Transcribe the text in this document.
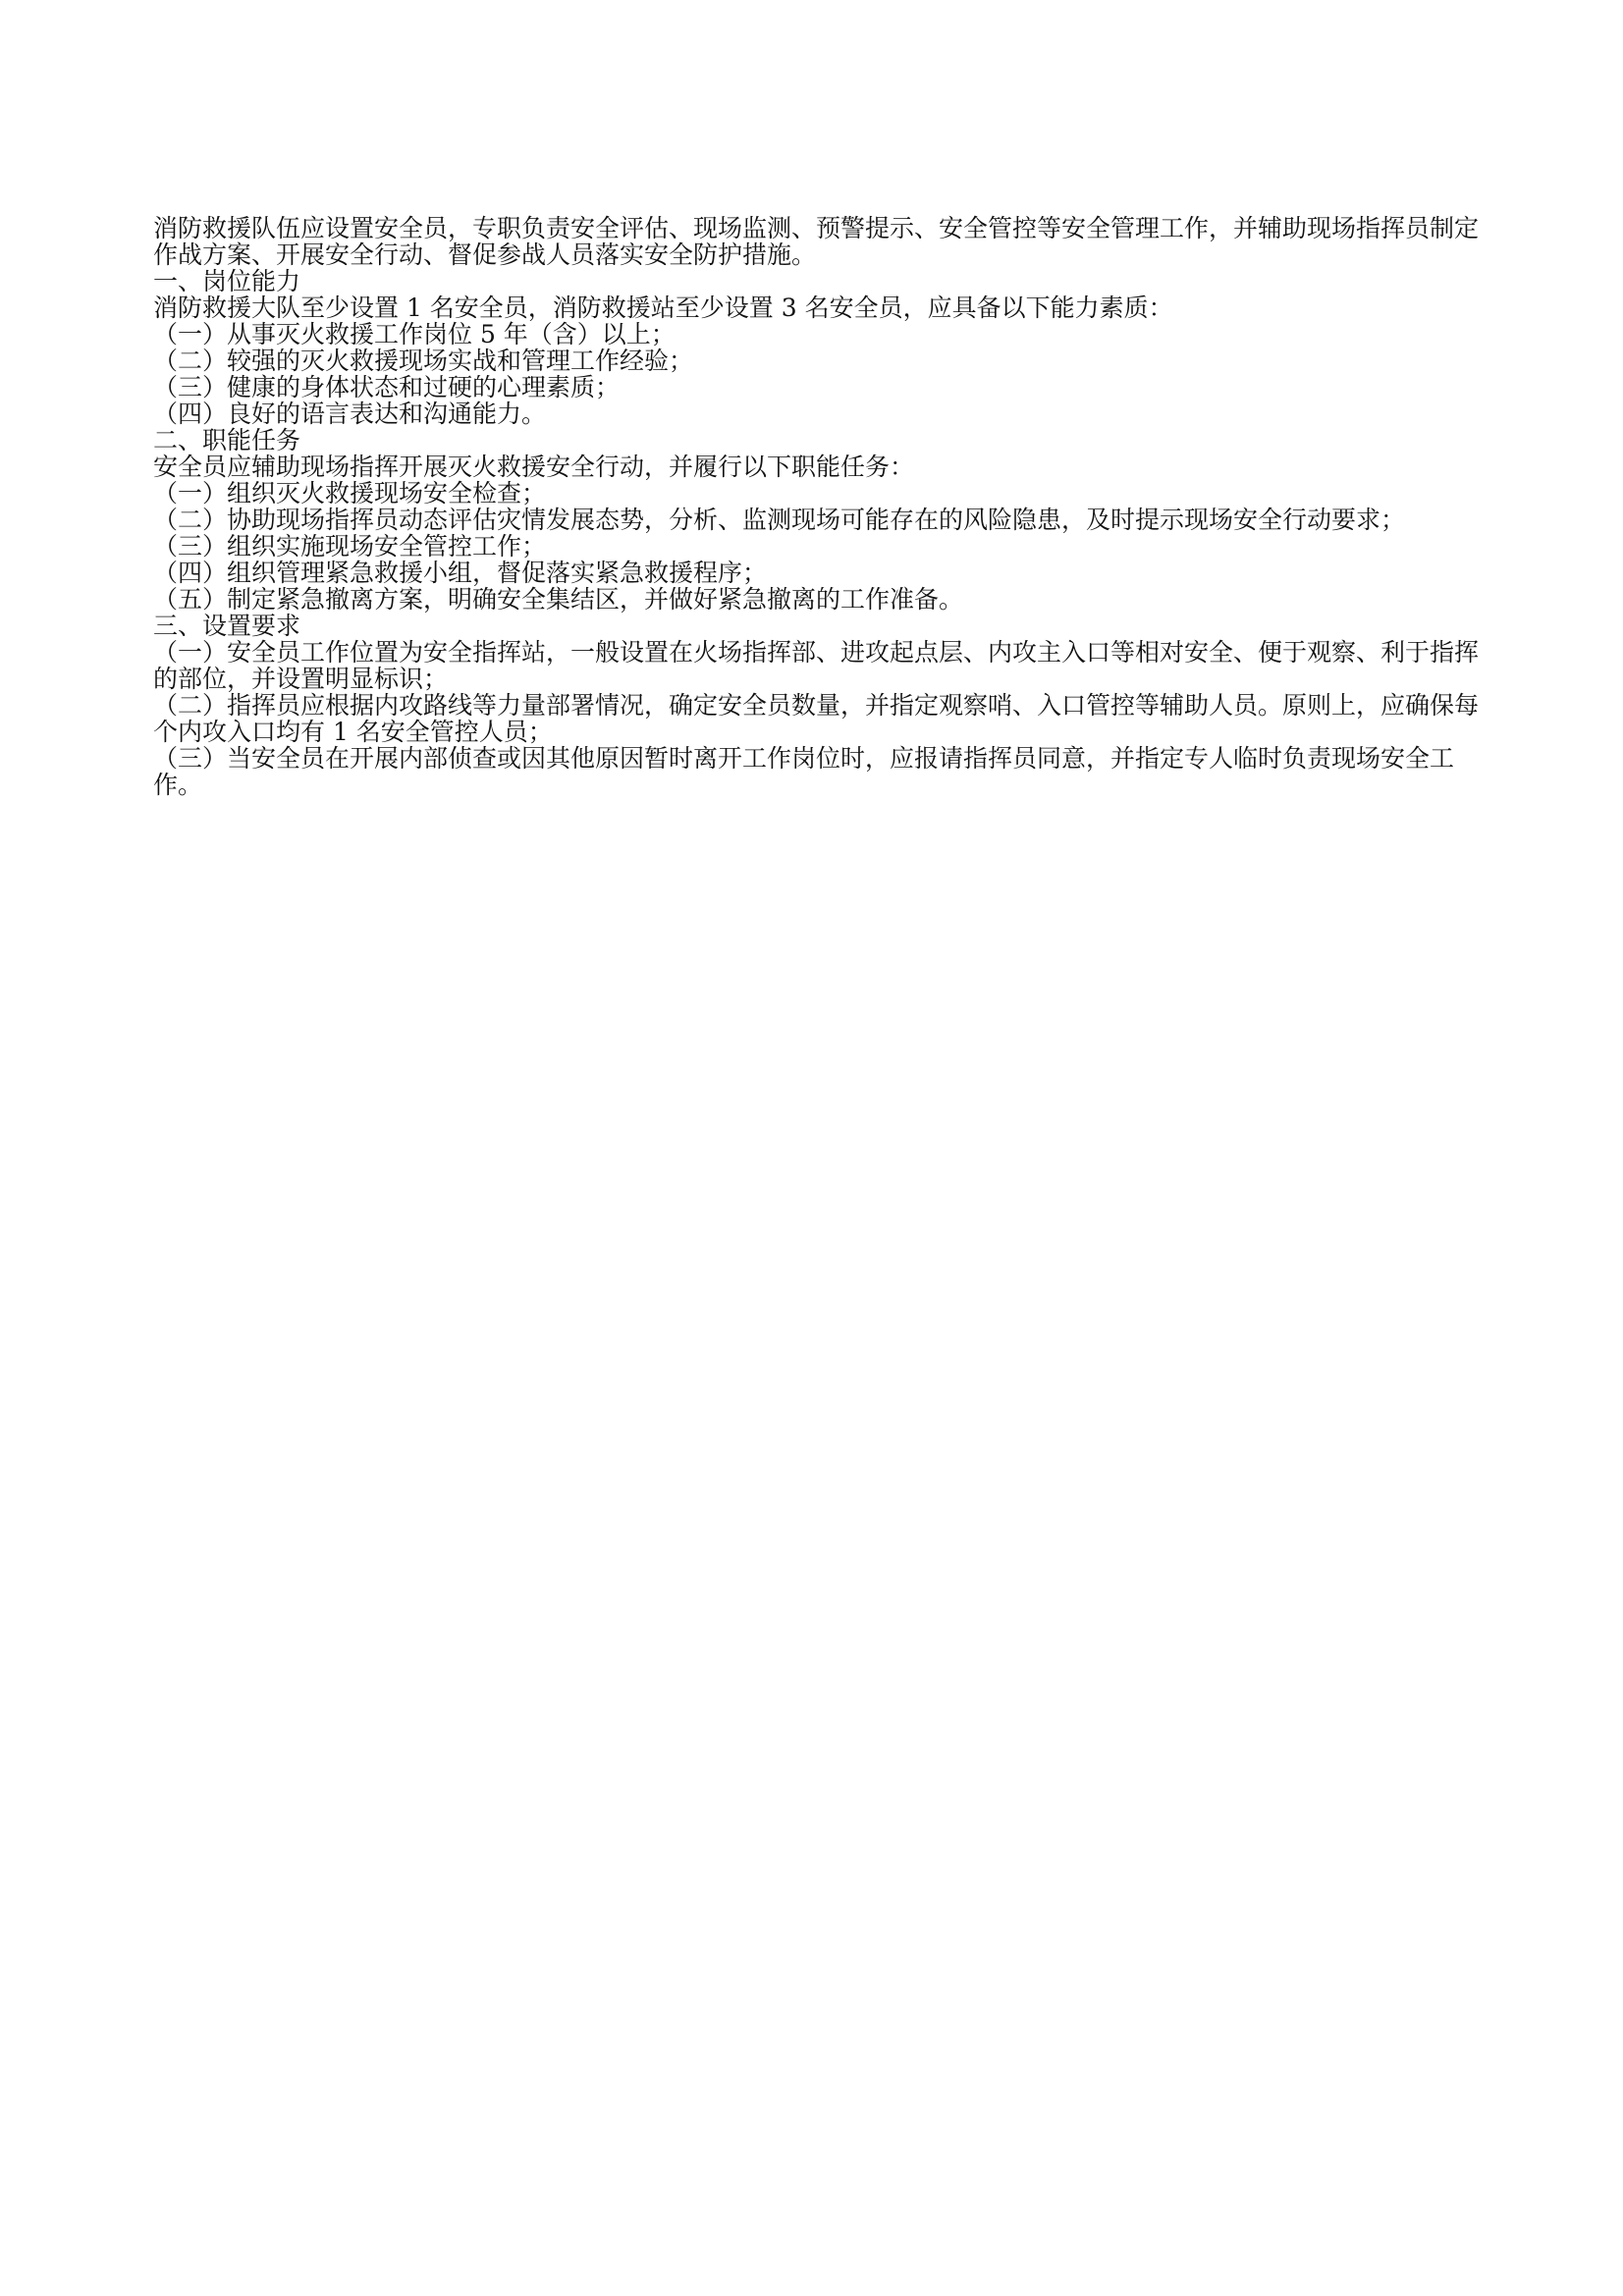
消防救援队伍应设置安全员，专职负责安全评估、现场监测、预警提示、安全管控等安全管理工作，并辅助现场指挥员制定作战方案、开展安全行动、督促参战人员落实安全防护措施。

一、岗位能力

消防救援大队至少设置 1 名安全员，消防救援站至少设置 3 名安全员，应具备以下能力素质：

（一）从事灭火救援工作岗位 5 年（含）以上；

（二）较强的灭火救援现场实战和管理工作经验；

（三）健康的身体状态和过硬的心理素质；

（四）良好的语言表达和沟通能力。

二、职能任务

安全员应辅助现场指挥开展灭火救援安全行动，并履行以下职能任务：

（一）组织灭火救援现场安全检查；

（二）协助现场指挥员动态评估灾情发展态势，分析、监测现场可能存在的风险隐患，及时提示现场安全行动要求；

（三）组织实施现场安全管控工作；

（四）组织管理紧急救援小组，督促落实紧急救援程序；

（五）制定紧急撤离方案，明确安全集结区，并做好紧急撤离的工作准备。

三、设置要求

（一）安全员工作位置为安全指挥站，一般设置在火场指挥部、进攻起点层、内攻主入口等相对安全、便于观察、利于指挥的部位，并设置明显标识；

（二）指挥员应根据内攻路线等力量部署情况，确定安全员数量，并指定观察哨、入口管控等辅助人员。原则上，应确保每个内攻入口均有 1 名安全管控人员；

（三）当安全员在开展内部侦查或因其他原因暂时离开工作岗位时，应报请指挥员同意，并指定专人临时负责现场安全工作。
